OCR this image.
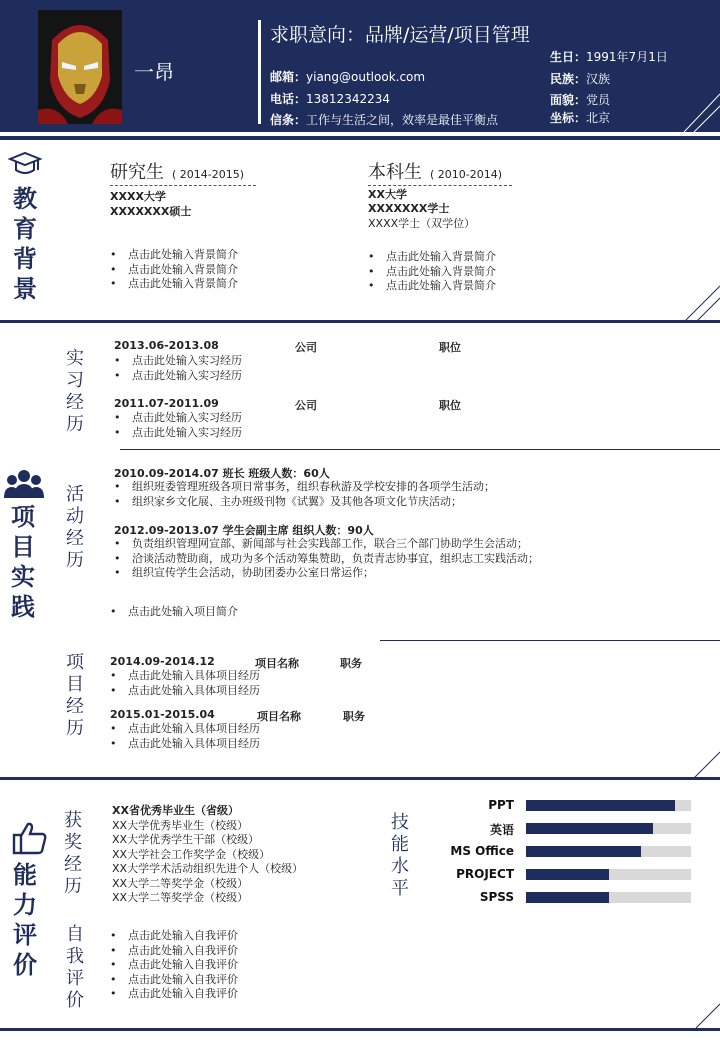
一昂
求职意向：品牌/运营/项目管理
邮箱：yiang@outlook.com
电话：13812342234
信条：工作与生活之间，效率是最佳平衡点
生日：1991年7月1日
民族：汉族
面貌：党员
坐标：北京
教
育
背
景
研究生 ( 2014-2015)
XXXX大学
XXXXXXX硕士
• 点击此处输入背景简介
• 点击此处输入背景简介
• 点击此处输入背景简介
本科生 ( 2010-2014)
XX大学
XXXXXXX学士
XXXX学士（双学位）
• 点击此处输入背景简介
• 点击此处输入背景简介
• 点击此处输入背景简介
项
目
实
践
实
习
经
历
2013.06-2013.08	公司	职位
• 点击此处输入实习经历
• 点击此处输入实习经历
2011.07-2011.09	公司	职位
• 点击此处输入实习经历
• 点击此处输入实习经历
活
动
经
历
2010.09-2014.07 班长 班级人数：60人
• 组织班委管理班级各项日常事务，组织春秋游及学校安排的各项学生活动；
• 组织家乡文化展、主办班级刊物《试翼》及其他各项文化节庆活动；
2012.09-2013.07 学生会副主席 组织人数：90人
• 负责组织管理网宣部、新闻部与社会实践部工作，联合三个部门协助学生会活动；
• 洽谈活动赞助商，成功为多个活动筹集赞助，负责青志协事宜，组织志工实践活动；
• 组织宣传学生会活动，协助团委办公室日常运作；
• 点击此处输入项目简介
项
目
经
历
2014.09-2014.12	项目名称	职务
• 点击此处输入具体项目经历
• 点击此处输入具体项目经历
2015.01-2015.04	项目名称	职务
• 点击此处输入具体项目经历
• 点击此处输入具体项目经历
能
力
评
价
获
奖
经
历
XX省优秀毕业生（省级）
XX大学优秀毕业生（校级）
XX大学优秀学生干部（校级）
XX大学社会工作奖学金（校级）
XX大学学术活动组织先进个人（校级）
XX大学二等奖学金（校级）
XX大学二等奖学金（校级）
自
我
评
价
• 点击此处输入自我评价
• 点击此处输入自我评价
• 点击此处输入自我评价
• 点击此处输入自我评价
• 点击此处输入自我评价
技
能
水
平
PPT
英语
MS Office
PROJECT
SPSS
